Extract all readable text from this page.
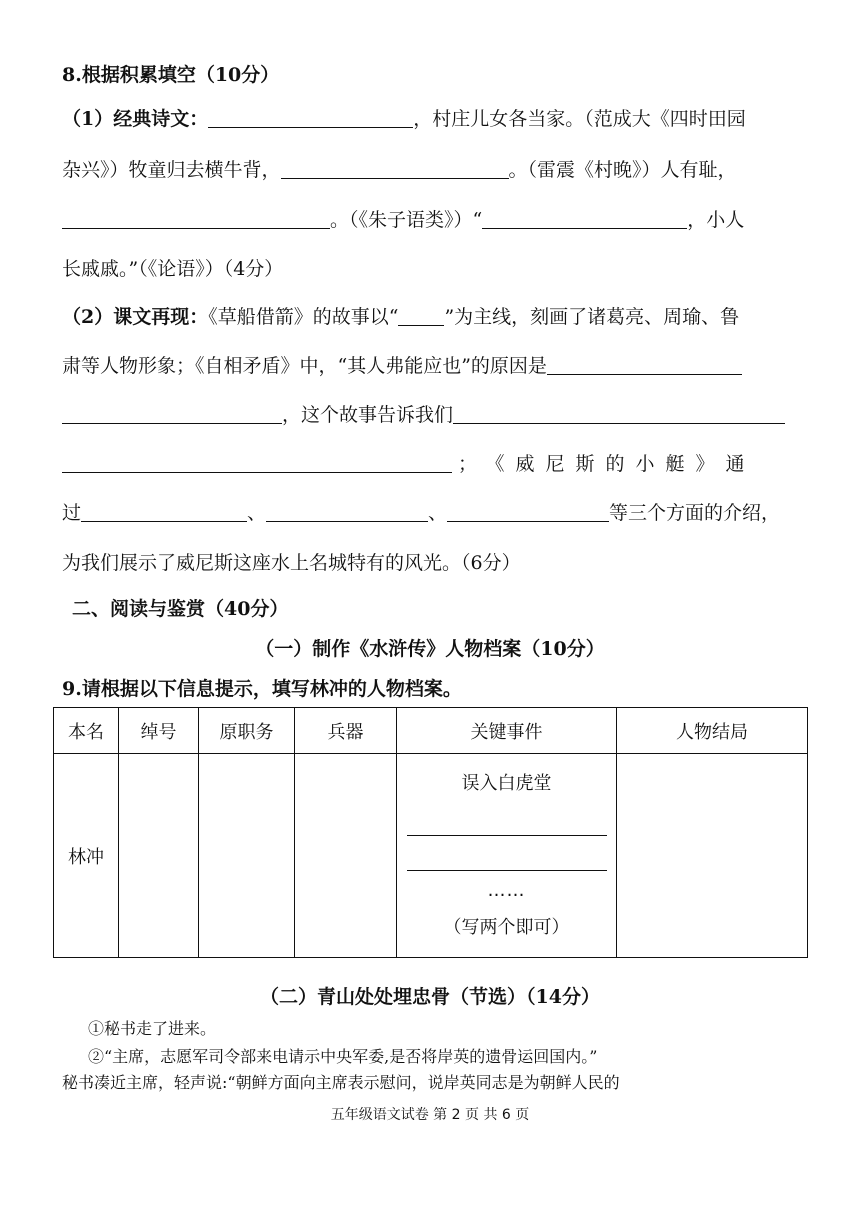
8.根据积累填空（10分）
（1）经典诗文：	，村庄儿女各当家。（范成大《四时田园
杂兴》）牧童归去横牛背，	。（雷震《村晚》）人有耻，
。（《朱子语类》）“	，小人
长戚戚。”（《论语》）（4分）
（2）课文再现：《草船借箭》的故事以“ ”为主线，刻画了诸葛亮、周瑜、鲁
肃等人物形象；《自相矛盾》中，“其人弗能应也”的原因是
，这个故事告诉我们
； 《威尼斯的小艇》通
过	、	、	等三个方面的介绍，
为我们展示了威尼斯这座水上名城特有的风光。（6分）
二、阅读与鉴赏（40分）
（一）制作《水浒传》人物档案（10分）
9.请根据以下信息提示，填写林冲的人物档案。
本名	绰号	原职务	兵器	关键事件	人物结局
林冲				误入白虎堂
……
（写两个即可）	

（二）青山处处埋忠骨（节选）（14分）
①秘书走了进来。
②“主席，志愿军司令部来电请示中央军委,是否将岸英的遗骨运回国内。”
秘书凑近主席，轻声说:“朝鲜方面向主席表示慰问，说岸英同志是为朝鲜人民的
五年级语文试卷 第 2 页 共 6 页
